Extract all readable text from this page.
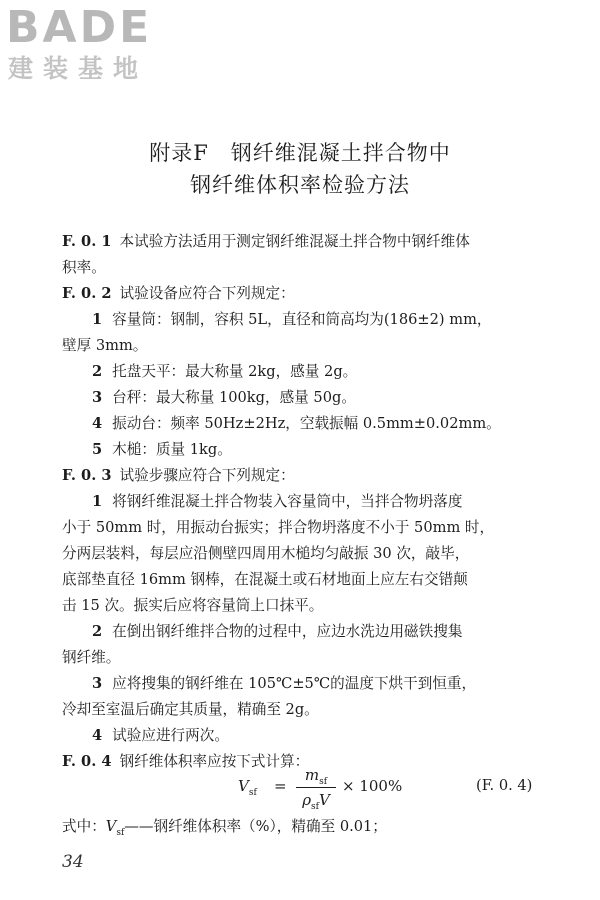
BADE
建装基地
附录F　钢纤维混凝土拌合物中
钢纤维体积率检验方法
F. 0. 1 本试验方法适用于测定钢纤维混凝土拌合物中钢纤维体
积率。
F. 0. 2 试验设备应符合下列规定：
1 容量筒：钢制，容积 5L，直径和筒高均为(186±2) mm，
壁厚 3mm。
2 托盘天平：最大称量 2kg，感量 2g。
3 台秤：最大称量 100kg，感量 50g。
4 振动台：频率 50Hz±2Hz，空载振幅 0.5mm±0.02mm。
5 木槌：质量 1kg。
F. 0. 3 试验步骤应符合下列规定：
1 将钢纤维混凝土拌合物装入容量筒中，当拌合物坍落度
小于 50mm 时，用振动台振实；拌合物坍落度不小于 50mm 时，
分两层装料，每层应沿侧壁四周用木槌均匀敲振 30 次，敲毕，
底部垫直径 16mm 钢棒，在混凝土或石材地面上应左右交错颠
击 15 次。振实后应将容量筒上口抹平。
2 在倒出钢纤维拌合物的过程中，应边水洗边用磁铁搜集
钢纤维。
3 应将搜集的钢纤维在 105℃±5℃的温度下烘干到恒重，
冷却至室温后确定其质量，精确至 2g。
4 试验应进行两次。
F. 0. 4 钢纤维体积率应按下式计算：
$V_{sf}$ =
$m_{sf}$
$\rho_{sf}V$
× 100%	(F. 0. 4)
式中：$V_{sf}——$钢纤维体积率（%），精确至 0.01；
34
